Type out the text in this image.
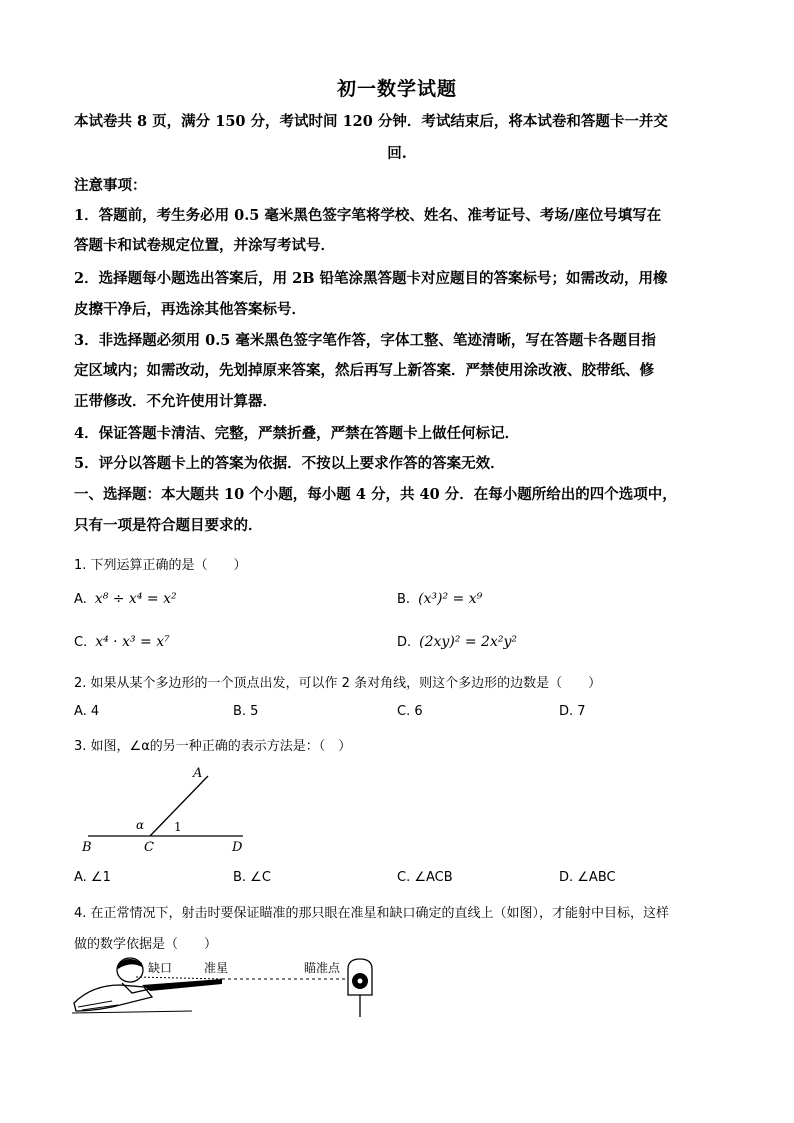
初一数学试题
本试卷共 8 页，满分 150 分，考试时间 120 分钟．考试结束后，将本试卷和答题卡一并交
回.
注意事项：
1．答题前，考生务必用 0.5 毫米黑色签字笔将学校、姓名、准考证号、考场/座位号填写在
答题卡和试卷规定位置，并涂写考试号．
2．选择题每小题选出答案后，用 2B 铅笔涂黑答题卡对应题目的答案标号；如需改动，用橡
皮擦干净后，再选涂其他答案标号．
3．非选择题必须用 0.5 毫米黑色签字笔作答，字体工整、笔迹清晰，写在答题卡各题目指
定区域内；如需改动，先划掉原来答案，然后再写上新答案．严禁使用涂改液、胶带纸、修
正带修改．不允许使用计算器．
4．保证答题卡清洁、完整，严禁折叠，严禁在答题卡上做任何标记．
5．评分以答题卡上的答案为依据．不按以上要求作答的答案无效．
一、选择题：本大题共 10 个小题，每小题 4 分，共 40 分．在每小题所给出的四个选项中，
只有一项是符合题目要求的．
1. 下列运算正确的是（　　）
A. x⁸ ÷ x⁴ = x²	B. (x³)² = x⁹
C. x⁴ · x³ = x⁷	D. (2xy)² = 2x²y²
2. 如果从某个多边形的一个顶点出发，可以作 2 条对角线，则这个多边形的边数是（　　）
A. 4	B. 5	C. 6	D. 7
3. 如图，∠α的另一种正确的表示方法是：（　）
A
B	C	D
α 1
A. ∠1	B. ∠C	C. ∠ACB	D. ∠ABC
4. 在正常情况下，射击时要保证瞄准的那只眼在准星和缺口确定的直线上（如图），才能射中目标，这样
做的数学依据是（　　）
缺口	准星	瞄准点
